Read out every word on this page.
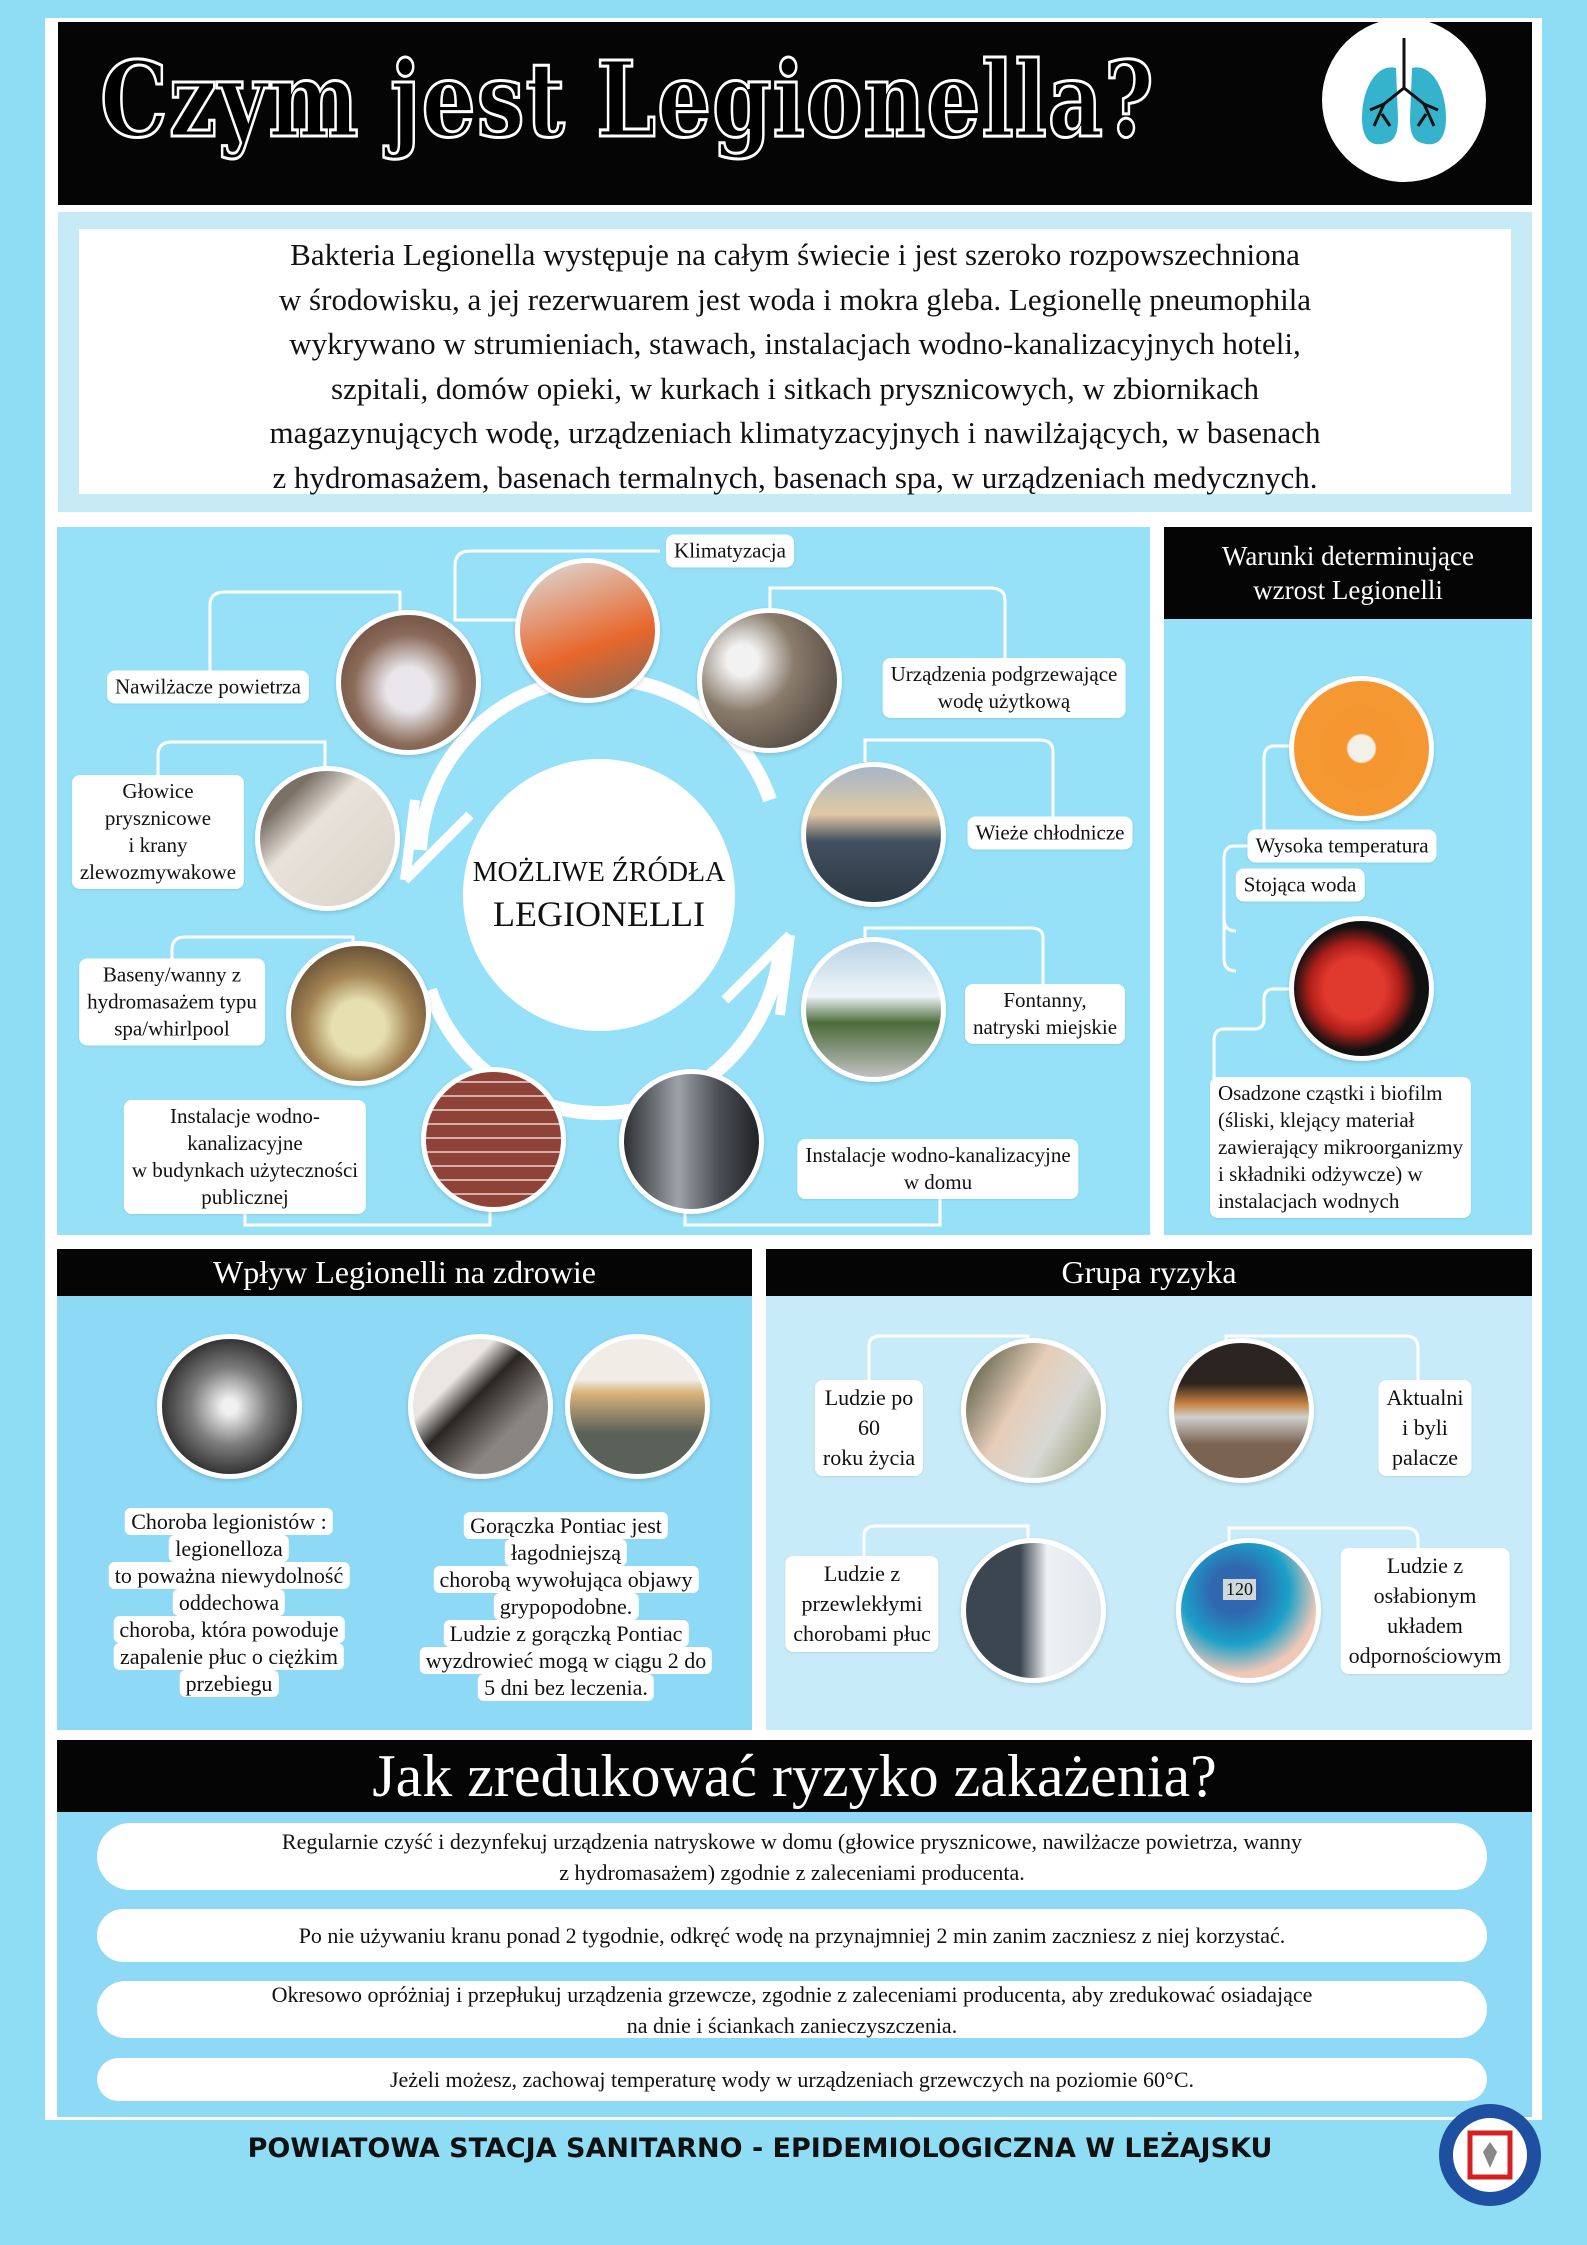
Czym jest Legionella?
Bakteria Legionella występuje na całym świecie i jest szeroko rozpowszechniona
w środowisku, a jej rezerwuarem jest woda i mokra gleba. Legionellę pneumophila
wykrywano w strumieniach, stawach, instalacjach wodno-kanalizacyjnych hoteli,
szpitali, domów opieki, w kurkach i sitkach prysznicowych, w zbiornikach
magazynujących wodę, urządzeniach klimatyzacyjnych i nawilżających, w basenach
z hydromasażem, basenach termalnych, basenach spa, w urządzeniach medycznych.
MOŻLIWE ŹRÓDŁA
LEGIONELLI
Klimatyzacja
Nawilżacze powietrza
Urządzenia podgrzewające
wodę użytkową
Głowice
prysznicowe
i krany
zlewozmywakowe
Wieże chłodnicze
Baseny/wanny z
hydromasażem typu
spa/whirlpool
Fontanny,
natryski miejskie
Instalacje wodno-
kanalizacyjne
w budynkach użyteczności
publicznej
Instalacje wodno-kanalizacyjne
w domu
Warunki determinujące
wzrost Legionelli
Wysoka temperatura
Stojąca woda
Osadzone cząstki i biofilm
(śliski, klejący materiał
zawierający mikroorganizmy
i składniki odżywcze) w
instalacjach wodnych
Wpływ Legionelli na zdrowie
Choroba legionistów :
legionelloza
to poważna niewydolność
oddechowa
choroba, która powoduje
zapalenie płuc o ciężkim
przebiegu
Gorączka Pontiac jest
łagodniejszą
chorobą wywołująca objawy
grypopodobne.
Ludzie z gorączką Pontiac
wyzdrowieć mogą w ciągu 2 do
5 dni bez leczenia.
Grupa ryzyka
120
Ludzie po
60
roku życia
Aktualni
i byli
palacze
Ludzie z
przewlekłymi
chorobami płuc
Ludzie z
osłabionym
układem
odpornościowym
Jak zredukować ryzyko zakażenia?
Regularnie czyść i dezynfekuj urządzenia natryskowe w domu (głowice prysznicowe, nawilżacze powietrza, wanny
z hydromasażem) zgodnie z zaleceniami producenta.
Po nie używaniu kranu ponad 2 tygodnie, odkręć wodę na przynajmniej 2 min zanim zaczniesz z niej korzystać.
Okresowo opróżniaj i przepłukuj urządzenia grzewcze, zgodnie z zaleceniami producenta, aby zredukować osiadające
na dnie i ściankach zanieczyszczenia.
Jeżeli możesz, zachowaj temperaturę wody w urządzeniach grzewczych na poziomie 60°C.
POWIATOWA STACJA SANITARNO - EPIDEMIOLOGICZNA W LEŻAJSKU
